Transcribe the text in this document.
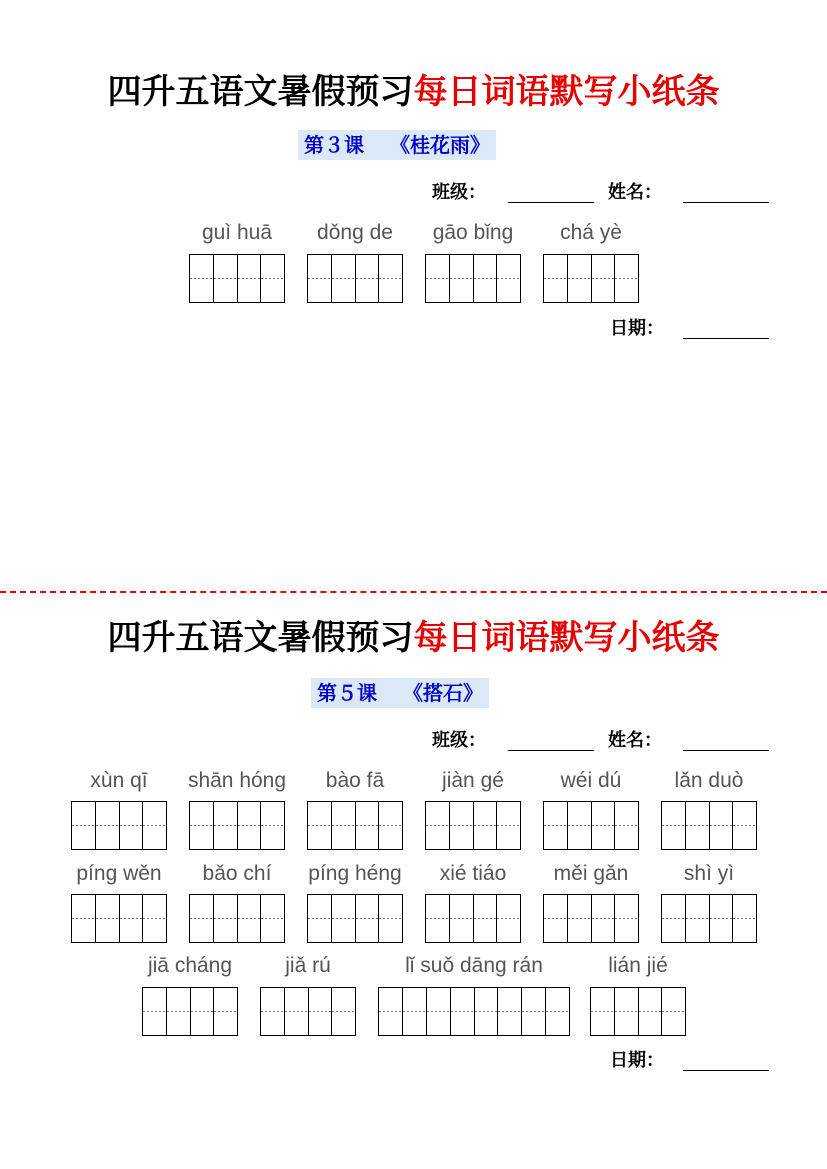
四升五语文暑假预习每日词语默写小纸条
第３课 《桂花雨》
班级：	姓名：
guì huā	dǒng de	gāo bǐng	chá yè
日期：
四升五语文暑假预习每日词语默写小纸条
第５课 《搭石》
班级：	姓名：
xùn qī	shān hóng	bào fā	jiàn gé	wéi dú	lǎn duò
píng wěn	bǎo chí	píng héng	xié tiáo	měi gǎn	shì yì
jiā cháng	jiǎ rú	lǐ suǒ dāng rán	lián jié
日期：
